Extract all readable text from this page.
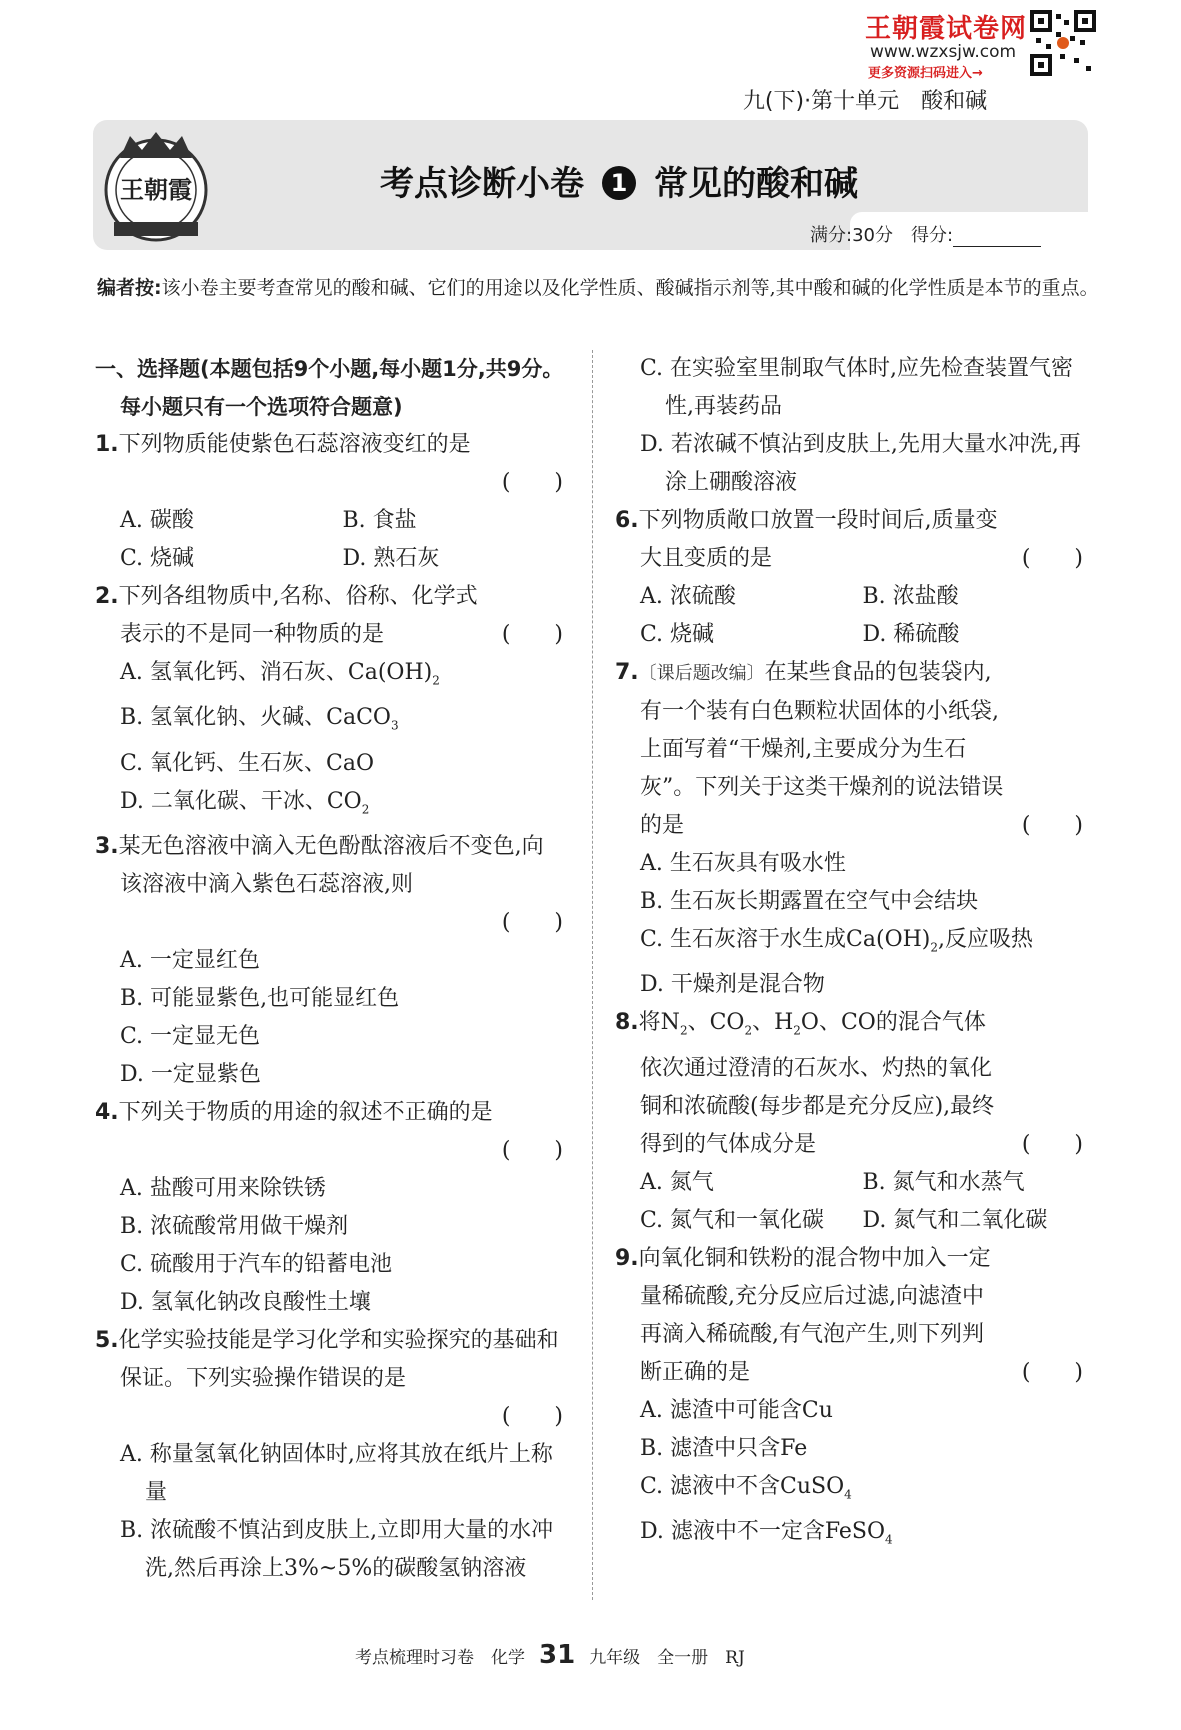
王朝霞试卷网
www.wzxsjw.com
更多资源扫码进入→
九(下)·第十单元　酸和碱
王朝霞	考点诊断小卷 1 常见的酸和碱
满分:30分　 得分:
编者按:该小卷主要考查常见的酸和碱、它们的用途以及化学性质、酸碱指示剂等,其中酸和碱的化学性质是本节的重点。
一、选择题(本题包括9个小题,每小题1分,共9分。每小题只有一个选项符合题意)
1.下列物质能使紫色石蕊溶液变红的是
(　　)
A. 碳酸	B. 食盐
C. 烧碱	D. 熟石灰
2.下列各组物质中,名称、俗称、化学式表示的不是同一种物质的是	(　　)
A. 氢氧化钙、消石灰、$Ca(OH)_2$
B. 氢氧化钠、火碱、CaCO$_3$
C. 氧化钙、生石灰、CaO
D. 二氧化碳、干冰、$CO_2$
3.某无色溶液中滴入无色酚酞溶液后不变色,向该溶液中滴入紫色石蕊溶液,则
(　　)
A. 一定显红色
B. 可能显紫色,也可能显红色
C. 一定显无色
D. 一定显紫色
4.下列关于物质的用途的叙述不正确的是
(　　)
A. 盐酸可用来除铁锈
B. 浓硫酸常用做干燥剂
C. 硫酸用于汽车的铅蓄电池
D. 氢氧化钠改良酸性土壤
5.化学实验技能是学习化学和实验探究的基础和保证。下列实验操作错误的是
(　　)
A. 称量氢氧化钠固体时,应将其放在纸片上称量
B. 浓硫酸不慎沾到皮肤上,立即用大量的水冲洗,然后再涂上3%~5%的碳酸氢钠溶液
C. 在实验室里制取气体时,应先检查装置气密性,再装药品
D. 若浓碱不慎沾到皮肤上,先用大量水冲洗,再涂上硼酸溶液
6.下列物质敞口放置一段时间后,质量变大且变质的是	(　　)
A. 浓硫酸	B. 浓盐酸
C. 烧碱	D. 稀硫酸
7.〔课后题改编〕在某些食品的包装袋内,有一个装有白色颗粒状固体的小纸袋,上面写着“干燥剂,主要成分为生石灰”。下列关于这类干燥剂的说法错误的是	(　　)
A. 生石灰具有吸水性
B. 生石灰长期露置在空气中会结块
C. 生石灰溶于水生成$Ca(OH)_2$,反应吸热
D. 干燥剂是混合物
8.将$N_2$、$CO_2$、$H_2O$、CO的混合气体依次通过澄清的石灰水、灼热的氧化铜和浓硫酸(每步都是充分反应),最终得到的气体成分是	(　　)
A. 氮气	B. 氮气和水蒸气
C. 氮气和一氧化碳	D. 氮气和二氧化碳
9.向氧化铜和铁粉的混合物中加入一定量稀硫酸,充分反应后过滤,向滤渣中再滴入稀硫酸,有气泡产生,则下列判断正确的是	(　　)
A. 滤渣中可能含Cu
B. 滤渣中只含Fe
C. 滤液中不含CuSO$_4$
D. 滤液中不一定含FeSO$_4$
考点梳理时习卷　化学 31 九年级　全一册　RJ
